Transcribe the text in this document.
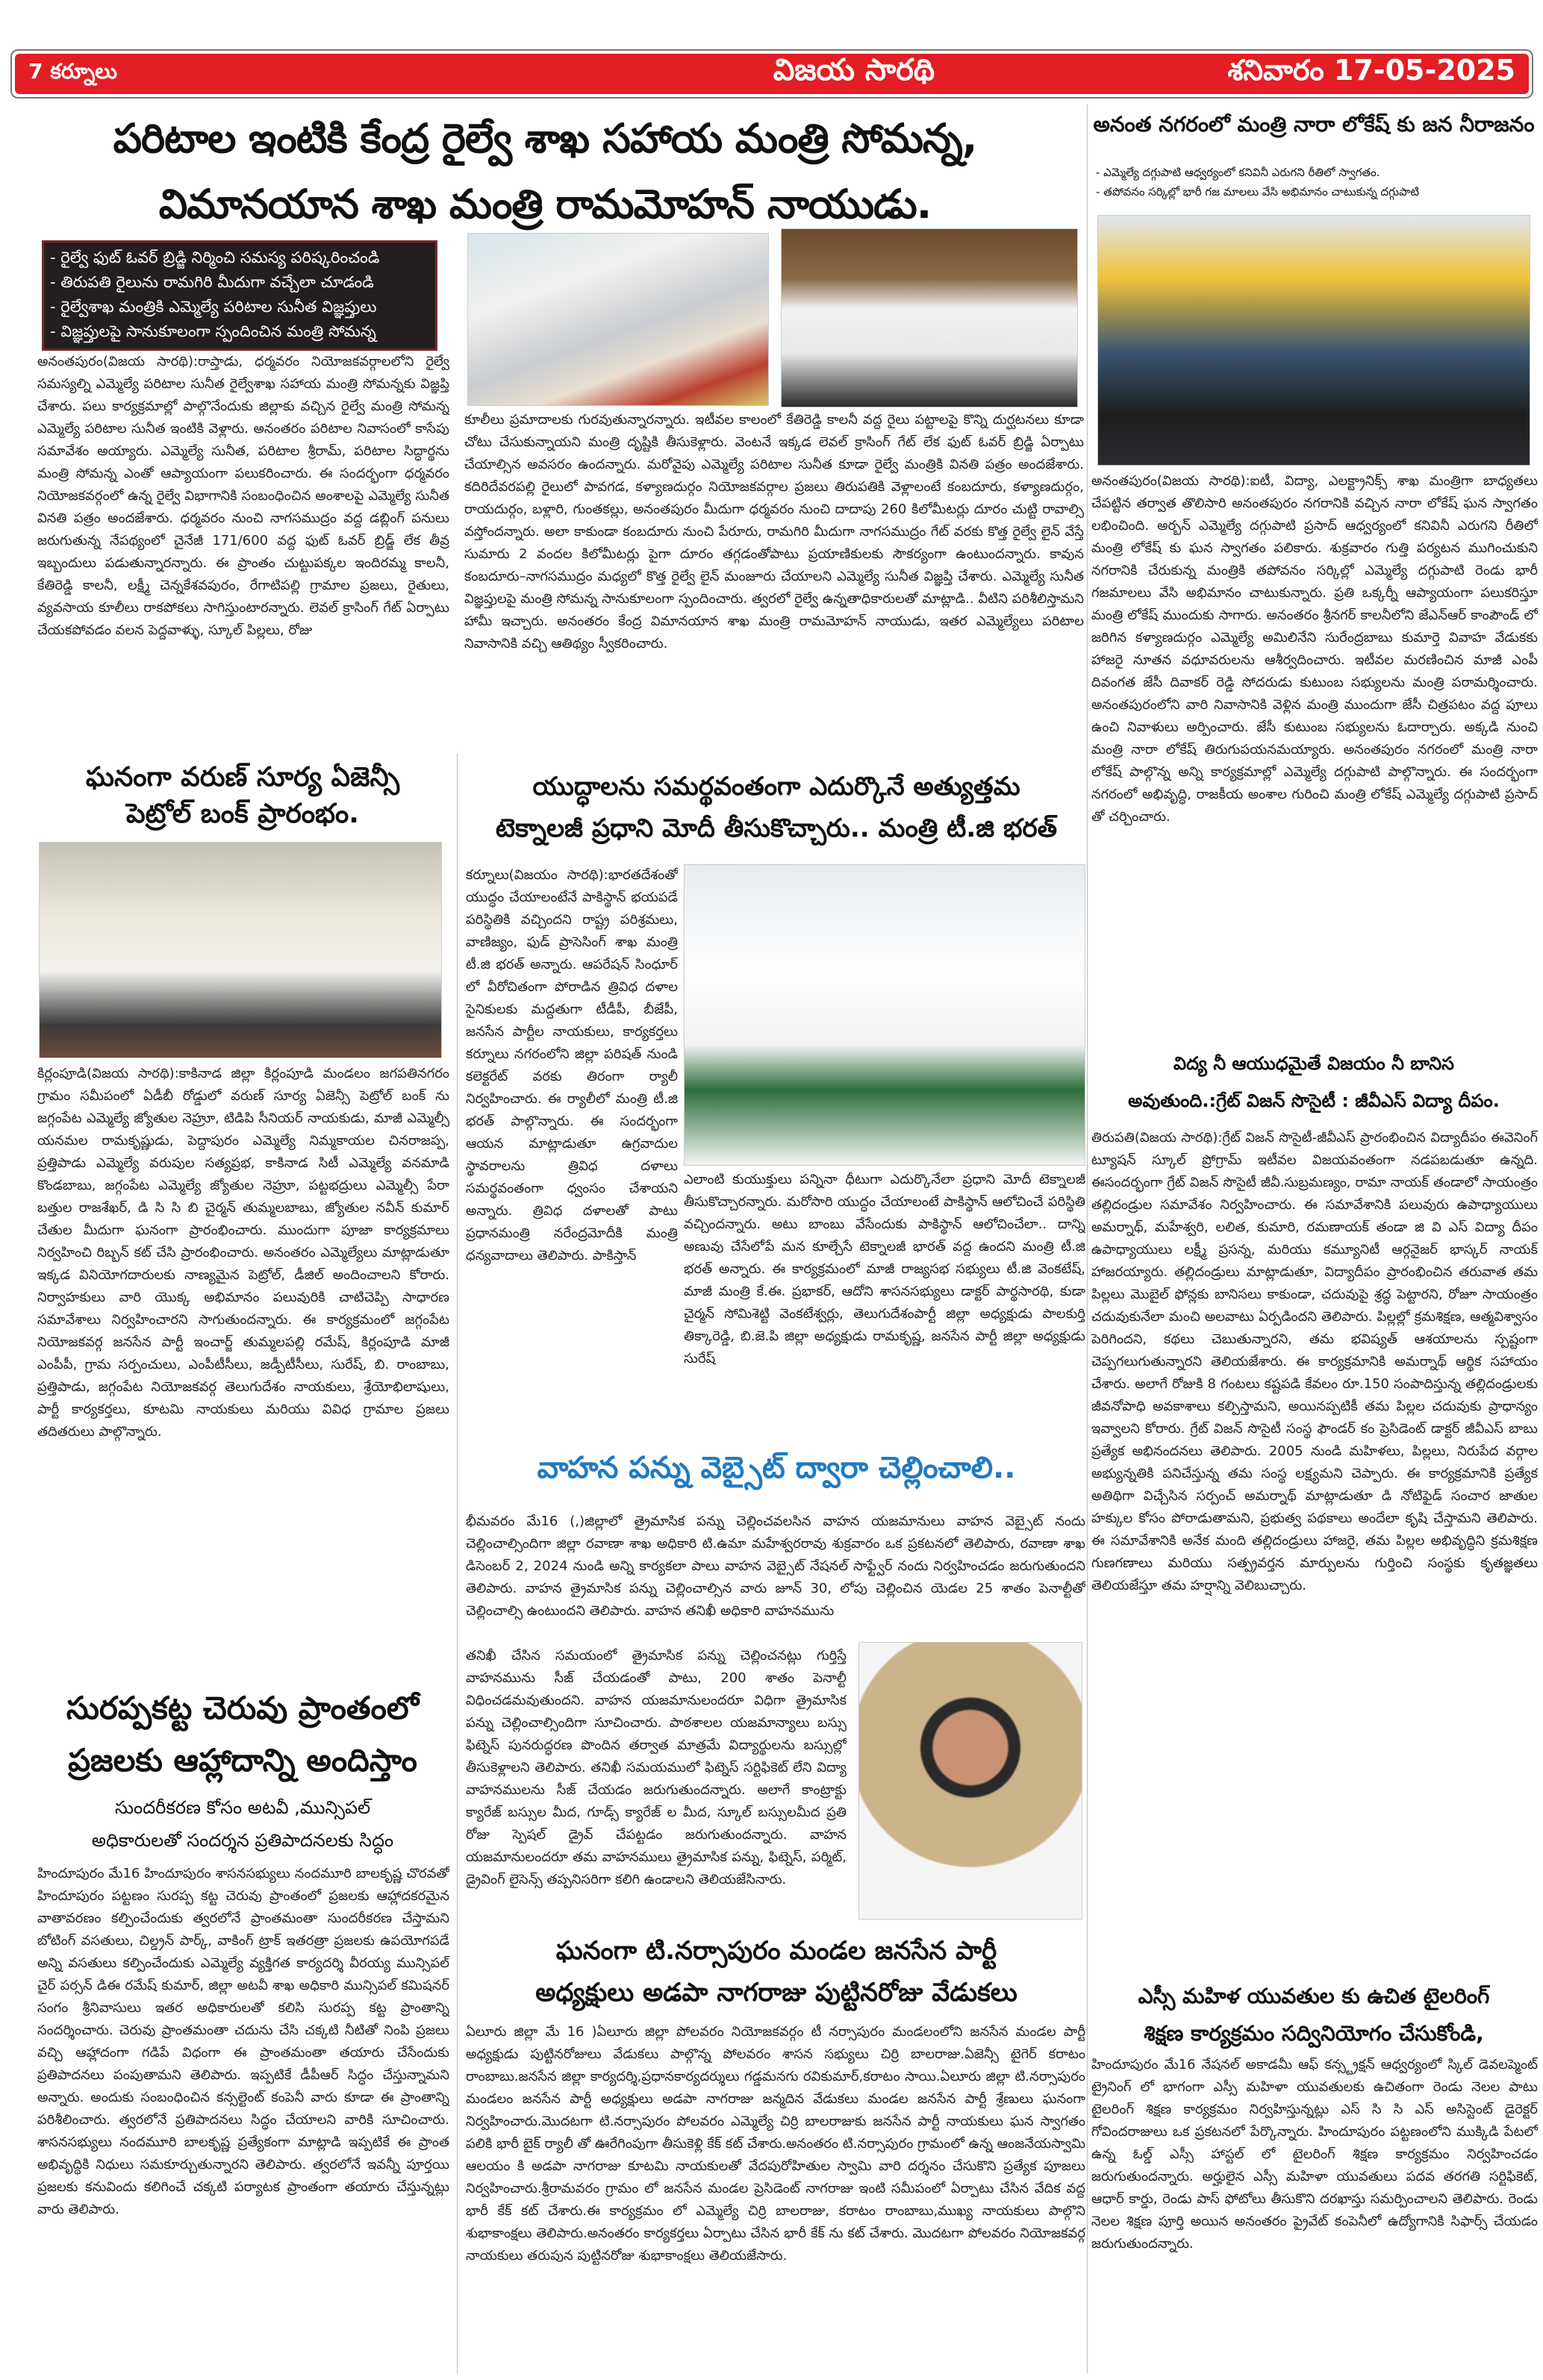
7 కర్నూలు	విజయ సారథి	శనివారం 17-05-2025
పరిటాల ఇంటికి కేంద్ర రైల్వే శాఖ సహాయ మంత్రి సోమన్న,
విమానయాన శాఖ మంత్రి రామమోహన్ నాయుడు.
- రైల్వే ఫుట్ ఓవర్ బ్రిడ్జి నిర్మించి సమస్య పరిష్కరించండి
- తిరుపతి రైలును రామగిరి మీదుగా వచ్చేలా చూడండి
- రైల్వేశాఖ మంత్రికి ఎమ్మెల్యే పరిటాల సునీత విజ్ఞప్తులు
- విజ్ఞప్తులపై సానుకూలంగా స్పందించిన మంత్రి సోమన్న
అనంతపురం(విజయ సారథి):రాప్తాడు, ధర్మవరం నియోజకవర్గాలలోని రైల్వే సమస్యల్ని ఎమ్మెల్యే పరిటాల సునీత రైల్వేశాఖ సహాయ మంత్రి సోమన్నకు విజ్ఞప్తి చేశారు. పలు కార్యక్రమాల్లో పాల్గొనేందుకు జిల్లాకు వచ్చిన రైల్వే మంత్రి సోమన్న ఎమ్మెల్యే పరిటాల సునీత ఇంటికి వెళ్లారు. అనంతరం పరిటాల నివాసంలో కాసేపు సమావేశం అయ్యారు. ఎమ్మెల్యే సునీత, పరిటాల శ్రీరామ్, పరిటాల సిద్ధార్థను మంత్రి సోమన్న ఎంతో ఆప్యాయంగా పలుకరించారు. ఈ సందర్భంగా ధర్మవరం నియోజకవర్గంలో ఉన్న రైల్వే విభాగానికి సంబంధించిన అంశాలపై ఎమ్మెల్యే సునీత వినతి పత్రం అందజేశారు. ధర్మవరం నుంచి నాగసముద్రం వద్ద డబ్లింగ్ పనులు జరుగుతున్న నేపథ్యంలో చైనేజీ 171/600 వద్ద ఫుట్ ఓవర్ బ్రిడ్జ్ లేక తీవ్ర ఇబ్బందులు పడుతున్నారన్నారు. ఈ ప్రాంతం చుట్టుపక్కల ఇందిరమ్మ కాలనీ, కేతిరెడ్డి కాలనీ, లక్ష్మీ చెన్నకేశవపురం, రేగాటిపల్లి గ్రామాల ప్రజలు, రైతులు, వ్యవసాయ కూలీలు రాకపోకలు సాగిస్తుంటారన్నారు. లెవల్ క్రాసింగ్ గేట్ ఏర్పాటు చేయకపోవడం వలన పెద్దవాళ్ళు, స్కూల్ పిల్లలు, రోజు
కూలీలు ప్రమాదాలకు గురవుతున్నారన్నారు. ఇటీవల కాలంలో కేతిరెడ్డి కాలనీ వద్ద రైలు పట్టాలపై కొన్ని దుర్ఘటనలు కూడా చోటు చేసుకున్నాయని మంత్రి దృష్టికి తీసుకెళ్లారు. వెంటనే ఇక్కడ లెవల్ క్రాసింగ్ గేట్ లేక ఫుట్ ఓవర్ బ్రిడ్జి ఏర్పాటు చేయాల్సిన అవసరం ఉందన్నారు. మరోవైపు ఎమ్మెల్యే పరిటాల సునీత కూడా రైల్వే మంత్రికి వినతి పత్రం అందజేశారు. కదిరిదేవరపల్లి రైలులో పావగడ, కళ్యాణదుర్గం నియోజకవర్గాల ప్రజలు తిరుపతికి వెళ్లాలంటే కంబదూరు, కళ్యాణదుర్గం, రాయదుర్గం, బళ్లారి, గుంతకల్లు, అనంతపురం మీదుగా ధర్మవరం నుంచి దాదాపు 260 కిలోమీటర్లు దూరం చుట్టి రావాల్సి వస్తోందన్నారు. అలా కాకుండా కంబదూరు నుంచి పేరూరు, రామగిరి మీదుగా నాగసముద్రం గేట్ వరకు కొత్త రైల్వే లైన్ వేస్తే సుమారు 2 వందల కిలోమీటర్లు పైగా దూరం తగ్గడంతోపాటు ప్రయాణికులకు సౌకర్యంగా ఉంటుందన్నారు. కావున కంబదూరు–నాగసముద్రం మధ్యలో కొత్త రైల్వే లైన్ మంజూరు చేయాలని ఎమ్మెల్యే సునీత విజ్ఞప్తి చేశారు. ఎమ్మెల్యే సునీత విజ్ఞప్తులపై మంత్రి సోమన్న సానుకూలంగా స్పందించారు. త్వరలో రైల్వే ఉన్నతాధికారులతో మాట్లాడి.. వీటిని పరిశీలిస్తామని హామీ ఇచ్చారు. అనంతరం కేంద్ర విమానయాన శాఖ మంత్రి రామమోహన్ నాయుడు, ఇతర ఎమ్మెల్యేలు పరిటాల నివాసానికి వచ్చి ఆతిథ్యం స్వీకరించారు.
అనంత నగరంలో మంత్రి నారా లోకేష్ కు జన నీరాజనం
- ఎమ్మెల్యే దగ్గుపాటి ఆధ్వర్యంలో కనివినీ ఎరుగని రీతిలో స్వాగతం.
- తపోవనం సర్కిల్లో భారీ గజ మాలలు వేసి అభిమానం చాటుకున్న దగ్గుపాటి
అనంతపురం(విజయ సారథి):ఐటీ, విద్యా, ఎలక్ట్రానిక్స్ శాఖ మంత్రిగా బాధ్యతలు చేపట్టిన తర్వాత తొలిసారి అనంతపురం నగరానికి వచ్చిన నారా లోకేష్ ఘన స్వాగతం లభించింది. అర్బన్ ఎమ్మెల్యే దగ్గుపాటి ప్రసాద్ ఆధ్వర్యంలో కనివినీ ఎరుగని రీతిలో మంత్రి లోకేష్ కు ఘన స్వాగతం పలికారు. శుక్రవారం గుత్తి పర్యటన ముగించుకుని నగరానికి చేరుకున్న మంత్రికి తపోవనం సర్కిల్లో ఎమ్మెల్యే దగ్గుపాటి రెండు భారీ గజమాలలు వేసి అభిమానం చాటుకున్నారు. ప్రతి ఒక్కర్నీ ఆప్యాయంగా పలుకరిస్తూ మంత్రి లోకేష్ ముందుకు సాగారు. అనంతరం శ్రీనగర్ కాలనీలోని జేఎన్ఆర్ కాంపౌండ్ లో జరిగిన కళ్యాణదుర్గం ఎమ్మెల్యే అమిలినేని సురేంద్రబాబు కుమార్తె వివాహ వేడుకకు హాజరై నూతన వధూవరులను ఆశీర్వదించారు. ఇటీవల మరణించిన మాజీ ఎంపీ దివంగత జేసీ దివాకర్ రెడ్డి సోదరుడు కుటుంబ సభ్యులను మంత్రి పరామర్శించారు. అనంతపురంలోని వారి నివాసానికి వెళ్లిన మంత్రి ముందుగా జేసీ చిత్రపటం వద్ద పూలు ఉంచి నివాళులు అర్పించారు. జేసీ కుటుంబ సభ్యులను ఓదార్చారు. అక్కడి నుంచి మంత్రి నారా లోకేష్ తిరుగుపయనమయ్యారు. అనంతపురం నగరంలో మంత్రి నారా లోకేష్ పాల్గొన్న అన్ని కార్యక్రమాల్లో ఎమ్మెల్యే దగ్గుపాటి పాల్గొన్నారు. ఈ సందర్భంగా నగరంలో అభివృద్ధి, రాజకీయ అంశాల గురించి మంత్రి లోకేష్ ఎమ్మెల్యే దగ్గుపాటి ప్రసాద్ తో చర్చించారు.
ఘనంగా వరుణ్ సూర్య ఏజెన్సీ
పెట్రోల్ బంక్ ప్రారంభం.
కిర్లంపూడి(విజయ సారథి):కాకినాడ జిల్లా కిర్లంపూడి మండలం జగపతినగరం గ్రామం సమీపంలో ఏడీబీ రోడ్డులో వరుణ్ సూర్య ఏజెన్సీ పెట్రోల్ బంక్ ను జగ్గంపేట ఎమ్మెల్యే జ్యోతుల నెహ్రూ, టిడిపి సీనియర్ నాయకుడు, మాజీ ఎమ్మెల్సీ యనమల రామకృష్ణుడు, పెద్దాపురం ఎమ్మెల్యే నిమ్మకాయల చినరాజప్ప, ప్రత్తిపాడు ఎమ్మెల్యే వరుపుల సత్యప్రభ, కాకినాడ సిటీ ఎమ్మెల్యే వనమాడి కొండబాబు, జగ్గంపేట ఎమ్మెల్యే జ్యోతుల నెహ్రూ, పట్టభద్రులు ఎమ్మెల్సీ పేరా బత్తుల రాజశేఖర్, డి సి సి బి చైర్మన్ తుమ్మలబాబు, జ్యోతుల నవీన్ కుమార్ చేతుల మీదుగా ఘనంగా ప్రారంభించారు. ముందుగా పూజా కార్యక్రమాలు నిర్వహించి రిబ్బన్ కట్ చేసి ప్రారంభించారు. అనంతరం ఎమ్మెల్యేలు మాట్లాడుతూ ఇక్కడ వినియోగదారులకు నాణ్యమైన పెట్రోల్, డీజిల్ అందించాలని కోరారు. నిర్వాహకులు వారి యొక్క అభిమానం పలువురికి చాటిచెప్పి సాధారణ సమావేశాలు నిర్వహించారని సాగుతుందన్నారు. ఈ కార్యక్రమంలో జగ్గంపేట నియోజకవర్గ జనసేన పార్టీ ఇంచార్జ్ తుమ్మలపల్లి రమేష్, కిర్లంపూడి మాజీ ఎంపీపీ, గ్రామ సర్పంచులు, ఎంపీటీసీలు, జడ్పీటీసీలు, సురేష్, బి. రాంబాబు, ప్రత్తిపాడు, జగ్గంపేట నియోజకవర్గ తెలుగుదేశం నాయకులు, శ్రేయోభిలాషులు, పార్టీ కార్యకర్తలు, కూటమి నాయకులు మరియు వివిధ గ్రామాల ప్రజలు తదితరులు పాల్గొన్నారు.
సురప్పకట్ట చెరువు ప్రాంతంలో
ప్రజలకు ఆహ్లాదాన్ని అందిస్తాం
సుందరీకరణ కోసం అటవీ ,మున్సిపల్
అధికారులతో సందర్శన ప్రతిపాదనలకు సిద్ధం
హిందూపురం మే16 హిందూపురం శాసనసభ్యులు నందమూరి బాలకృష్ణ చొరవతో హిందూపురం పట్టణం సురప్ప కట్ట చెరువు ప్రాంతంలో ప్రజలకు ఆహ్లాదకరమైన వాతావరణం కల్పించేందుకు త్వరలోనే ప్రాంతమంతా సుందరీకరణ చేస్తామని బోటింగ్ వసతులు, చిల్డ్రన్ పార్క్, వాకింగ్ ట్రాక్ ఇతరత్రా ప్రజలకు ఉపయోగపడే అన్ని వసతులు కల్పించేందుకు ఎమ్మెల్యే వ్యక్తిగత కార్యదర్శి వీరయ్య మున్సిపల్ చైర్ పర్సన్ డిఈ రమేష్ కుమార్, జిల్లా అటవీ శాఖ అధికారి మున్సిపల్ కమిషనర్ సంగం శ్రీనివాసులు ఇతర అధికారులతో కలిసి సురప్ప కట్ట ప్రాంతాన్ని సందర్శించారు. చెరువు ప్రాంతమంతా చదును చేసి చక్కటి నీటితో నింపి ప్రజలు వచ్చి ఆహ్లాదంగా గడిపే విధంగా ఈ ప్రాంతమంతా తయారు చేసేందుకు ప్రతిపాదనలు పంపుతామని తెలిపారు. ఇప్పటికే డీపీఆర్ సిద్ధం చేస్తున్నామని అన్నారు. అందుకు సంబంధించిన కన్సల్టెంట్ కంపెనీ వారు కూడా ఈ ప్రాంతాన్ని పరిశీలించారు. త్వరలోనే ప్రతిపాదనలు సిద్ధం చేయాలని వారికి సూచించారు. శాసనసభ్యులు నందమూరి బాలకృష్ణ ప్రత్యేకంగా మాట్లాడి ఇప్పటికే ఈ ప్రాంత అభివృద్ధికి నిధులు సమకూర్చుతున్నారని తెలిపారు. త్వరలోనే ఇవన్నీ పూర్తయి ప్రజలకు కనువిందు కలిగించే చక్కటి పర్యాటక ప్రాంతంగా తయారు చేస్తున్నట్లు వారు తెలిపారు.
యుద్ధాలను సమర్థవంతంగా ఎదుర్కొనే అత్యుత్తమ
టెక్నాలజీ ప్రధాని మోదీ తీసుకొచ్చారు.. మంత్రి టీ.జి భరత్
కర్నూలు(విజయం సారథి):భారతదేశంతో యుద్ధం చేయాలంటేనే పాకిస్థాన్ భయపడే పరిస్థితికి వచ్చిందని రాష్ట్ర పరిశ్రమలు, వాణిజ్యం, ఫుడ్ ప్రాసెసింగ్ శాఖ మంత్రి టీ.జి భరత్ అన్నారు. ఆపరేషన్ సింధూర్ లో వీరోచితంగా పోరాడిన త్రివిధ దళాల సైనికులకు మద్దతుగా టీడీపీ, బీజేపీ, జనసేన పార్టీల నాయకులు, కార్యకర్తలు కర్నూలు నగరంలోని జిల్లా పరిషత్ నుండి కలెక్టరేట్ వరకు తిరంగా ర్యాలీ నిర్వహించారు. ఈ ర్యాలీలో మంత్రి టీ.జి భరత్ పాల్గొన్నారు. ఈ సందర్భంగా ఆయన మాట్లాడుతూ ఉగ్రవాదుల స్థావరాలను త్రివిధ దళాలు సమర్థవంతంగా ధ్వంసం చేశాయని అన్నారు. త్రివిధ దళాలతో పాటు ప్రధానమంత్రి నరేంద్రమోదీకి మంత్రి ధన్యవాదాలు తెలిపారు. పాకిస్తాన్
ఎలాంటి కుయుక్తులు పన్నినా ధీటుగా ఎదుర్కొనేలా ప్రధాని మోదీ టెక్నాలజీ తీసుకొచ్చారన్నారు. మరోసారి యుద్ధం చేయాలంటే పాకిస్థాన్ ఆలోచించే పరిస్థితి వచ్చిందన్నారు. అటు బాంబు వేసేందుకు పాకిస్థాన్ ఆలోచించేలా.. దాన్ని అణువు చేసేలోపే మన కూల్చేసే టెక్నాలజీ భారత్ వద్ద ఉందని మంత్రి టీ.జి భరత్ అన్నారు. ఈ కార్యక్రమంలో మాజీ రాజ్యసభ సభ్యులు టీ.జి వెంకటేష్, మాజీ మంత్రి కే.ఈ. ప్రభాకర్, ఆదోని శాసనసభ్యులు డాక్టర్ పార్థసారథి, కుడా చైర్మన్ సోమిశెట్టి వెంకటేశ్వర్లు, తెలుగుదేశంపార్టీ జిల్లా అధ్యక్షుడు పాలకుర్తి తిక్కారెడ్డి, బి.జె.పి జిల్లా అధ్యక్షుడు రామకృష్ణ, జనసేన పార్టీ జిల్లా అధ్యక్షుడు సురేష్
వాహన పన్ను వెబ్సైట్ ద్వారా చెల్లించాలి..
భీమవరం మే16 (,)జిల్లాలో త్రైమాసిక పన్ను చెల్లించవలసిన వాహన యజమానులు వాహన వెబ్సైట్ నందు చెల్లించాల్సిందిగా జిల్లా రవాణా శాఖ అధికారి టి.ఉమా మహేశ్వరరావు శుక్రవారం ఒక ప్రకటనలో తెలిపారు, రవాణా శాఖ డిసెంబర్ 2, 2024 నుండి అన్ని కార్యకలా పాలు వాహన వెబ్సైట్ నేషనల్ సాఫ్ట్వేర్ నందు నిర్వహించడం జరుగుతుందని తెలిపారు. వాహన త్రైమాసిక పన్ను చెల్లించాల్సిన వారు జూన్ 30, లోపు చెల్లించిన యెడల 25 శాతం పెనాల్టీతో చెల్లించాల్సి ఉంటుందని తెలిపారు. వాహన తనిఖీ అధికారి వాహనమును
తనిఖీ చేసిన సమయంలో త్రైమాసిక పన్ను చెల్లించనట్లు గుర్తిస్తే వాహనమును సీజ్ చేయడంతో పాటు, 200 శాతం పెనాల్టీ విధించడమవుతుందని. వాహన యజమానులందరూ విధిగా త్రైమాసిక పన్ను చెల్లించాల్సిందిగా సూచించారు. పాఠశాలల యజమాన్యాలు బస్సు ఫిట్నెస్ పునరుద్ధరణ పొందిన తర్వాత మాత్రమే విద్యార్థులను బస్సుల్లో తీసుకెళ్లాలని తెలిపారు. తనిఖీ సమయములో ఫిట్నెస్ సర్టిఫికెట్ లేని విద్యా వాహనములను సీజ్ చేయడం జరుగుతుందన్నారు. అలాగే కాంట్రాక్టు క్యారేజ్ బస్సుల మీద, గూడ్స్ క్యారేజ్ ల మీద, స్కూల్ బస్సులమీద ప్రతి రోజు స్పెషల్ డ్రైవ్ చేపట్టడం జరుగుతుందన్నారు. వాహన యజమానులందరూ తమ వాహనములు త్రైమాసిక పన్ను, ఫిట్నెస్, పర్మిట్, డ్రైవింగ్ లైసెన్స్ తప్పనిసరిగా కలిగి ఉండాలని తెలియజేసినారు.
ఘనంగా టి.నర్సాపురం మండల జనసేన పార్టీ
అధ్యక్షులు అడపా నాగరాజు పుట్టినరోజు వేడుకలు
ఏలూరు జిల్లా మే 16 )ఏలూరు జిల్లా పోలవరం నియోజకవర్గం టీ నర్సాపురం మండలంలోని జనసేన మండల పార్టీ అధ్యక్షుడు పుట్టినరోజులు వేడుకలు పాల్గొన్న పోలవరం శాసన సభ్యులు చిర్రి బాలరాజు.ఏజెన్సీ టైగెర్ కరాటం రాంబాబు.జనసేన జిల్లా కార్యదర్శి,ప్రధానకార్యదర్శులు గడ్డమనగు రవికుమార్,కరాటం సాయి.ఏలూరు జిల్లా టి.నర్సాపురం మండలం జనసేన పార్టీ అధ్యక్షులు అడపా నాగరాజు జన్మదిన వేడుకలు మండల జనసేన పార్టీ శ్రేణులు ఘనంగా నిర్వహించారు.మొదటగా టి.నర్సాపురం పోలవరం ఎమ్మెల్యే చిర్రి బాలరాజుకు జనసేన పార్టీ నాయకులు ఘన స్వాగతం పలికి భారీ బైక్ ర్యాలీ తో ఊరేగింపుగా తీసుకెళ్లి కేక్ కట్ చేశారు.అనంతరం టి.నర్సాపురం గ్రామంలో ఉన్న ఆంజనేయస్వామి ఆలయం కి అడపా నాగరాజు కూటమి నాయకులతో వేదపురోహితుల స్వామి వారి దర్శనం చేసుకొని ప్రత్యేక పూజలు నిర్వహించారు.శ్రీరామవరం గ్రామం లో జనసేన మండల ప్రెసిడెంట్ నాగరాజు ఇంటి సమీపంలో ఏర్పాటు చేసిన వేదిక వద్ద భారీ కేక్ కట్ చేశారు.ఈ కార్యక్రమం లో ఎమ్మెల్యే చిర్రి బాలరాజు, కరాటం రాంబాబు,ముఖ్య నాయకులు పాల్గొని శుభాకాంక్షలు తెలిపారు.అనంతరం కార్యకర్తలు ఏర్పాటు చేసిన భారీ కేక్ ను కట్ చేశారు. మొదటగా పోలవరం నియోజకవర్గ నాయకులు తరుపున పుట్టినరోజు శుభాకాంక్షలు తెలియజేసారు.
విద్య నీ ఆయుధమైతే విజయం నీ బానిస
అవుతుంది.:గ్రేట్ విజన్ సొసైటీ : జీవీఎస్ విద్యా దీపం.
తిరుపతి(విజయ సారథి):గ్రేట్ విజన్ సొసైటీ-జీవీఎస్ ప్రారంభించిన విద్యాదీపం ఈవెనింగ్ ట్యూషన్ స్కూల్ ప్రోగ్రామ్ ఇటీవల విజయవంతంగా నడపబడుతూ ఉన్నది. ఈసందర్భంగా గ్రేట్ విజన్ సొసైటీ జీవీ.సుబ్రమణ్యం, రామా నాయక్ తండాలో సాయంత్రం తల్లిదండ్రుల సమావేశం నిర్వహించారు. ఈ సమావేశానికి పలువురు ఉపాధ్యాయులు అమర్నాథ్, మహేశ్వరి, లలిత, కుమారి, రమణాయక్ తండా జి వి ఎస్ విద్యా దీపం ఉపాధ్యాయులు లక్ష్మీ ప్రసన్న, మరియు కమ్యూనిటీ ఆర్గనైజర్ భాస్కర్ నాయక్ హాజరయ్యారు. తల్లిదండ్రులు మాట్లాడుతూ, విద్యాదీపం ప్రారంభించిన తరువాత తమ పిల్లలు మొబైల్ ఫోన్లకు బానిసలు కాకుండా, చదువుపై శ్రద్ధ పెట్టారని, రోజూ సాయంత్రం చదువుకునేలా మంచి అలవాటు ఏర్పడిందని తెలిపారు. పిల్లల్లో క్రమశిక్షణ, ఆత్మవిశ్వాసం పెరిగిందని, కథలు చెబుతున్నారని, తమ భవిష్యత్ ఆశయాలను స్పష్టంగా చెప్పగలుగుతున్నారని తెలియజేశారు. ఈ కార్యక్రమానికి అమర్నాథ్ ఆర్థిక సహాయం చేశారు. అలాగే రోజుకి 8 గంటలు కష్టపడి కేవలం రూ.150 సంపాదిస్తున్న తల్లిదండ్రులకు జీవనోపాధి అవకాశాలు కల్పిస్తామని, అయినప్పటికీ తమ పిల్లల చదువుకు ప్రాధాన్యం ఇవ్వాలని కోరారు. గ్రేట్ విజన్ సొసైటీ సంస్థ ఫౌండర్ కం ప్రెసిడెంట్ డాక్టర్ జీవీఎస్ బాబు ప్రత్యేక అభినందనలు తెలిపారు. 2005 నుండి మహిళలు, పిల్లలు, నిరుపేద వర్గాల అభ్యున్నతికి పనిచేస్తున్న తమ సంస్థ లక్ష్యమని చెప్పారు. ఈ కార్యక్రమానికి ప్రత్యేక అతిథిగా విచ్చేసిన సర్పంచ్ అమర్నాథ్ మాట్లాడుతూ డి నోటిఫైడ్ సంచార జాతుల హక్కుల కోసం పోరాడుతామని, ప్రభుత్వ పథకాలు అందేలా కృషి చేస్తామని తెలిపారు. ఈ సమావేశానికి అనేక మంది తల్లిదండ్రులు హాజరై, తమ పిల్లల అభివృద్ధిని క్రమశిక్షణ గుణగణాలు మరియు సత్ప్రవర్తన మార్పులను గుర్తించి సంస్థకు కృతజ్ఞతలు తెలియజేస్తూ తమ హర్షాన్ని వెలిబుచ్చారు.
ఎస్సీ మహిళ యువతుల కు ఉచిత టైలరింగ్
శిక్షణ కార్యక్రమం సద్వినియోగం చేసుకోండి,
హిందూపురం మే16 నేషనల్ అకాడమీ ఆఫ్ కన్స్ట్రక్షన్ ఆధ్వర్యంలో స్కిల్ డెవలప్మెంట్ ట్రైనింగ్ లో భాగంగా ఎస్సీ మహిళా యువతులకు ఉచితంగా రెండు నెలల పాటు టైలరింగ్ శిక్షణ కార్యక్రమం నిర్వహిస్తున్నట్లు ఎస్ సి సి ఎస్ అసిస్టెంట్ డైరెక్టర్ గోవిందరాజులు ఒక ప్రకటనలో పేర్కొన్నారు. హిందూపురం పట్టణంలోని ముక్కిడి పేటలో ఉన్న ఓల్డ్ ఎస్సీ హాస్టల్ లో టైలరింగ్ శిక్షణ కార్యక్రమం నిర్వహించడం జరుగుతుందన్నారు. అర్హులైన ఎస్సీ మహిళా యువతులు పదవ తరగతి సర్టిఫికెట్, ఆధార్ కార్డు, రెండు పాస్ ఫోటోలు తీసుకొని దరఖాస్తు సమర్పించాలని తెలిపారు. రెండు నెలల శిక్షణ పూర్తి అయిన అనంతరం ప్రైవేట్ కంపెనీలో ఉద్యోగానికి సిఫార్స్ చేయడం జరుగుతుందన్నారు.
